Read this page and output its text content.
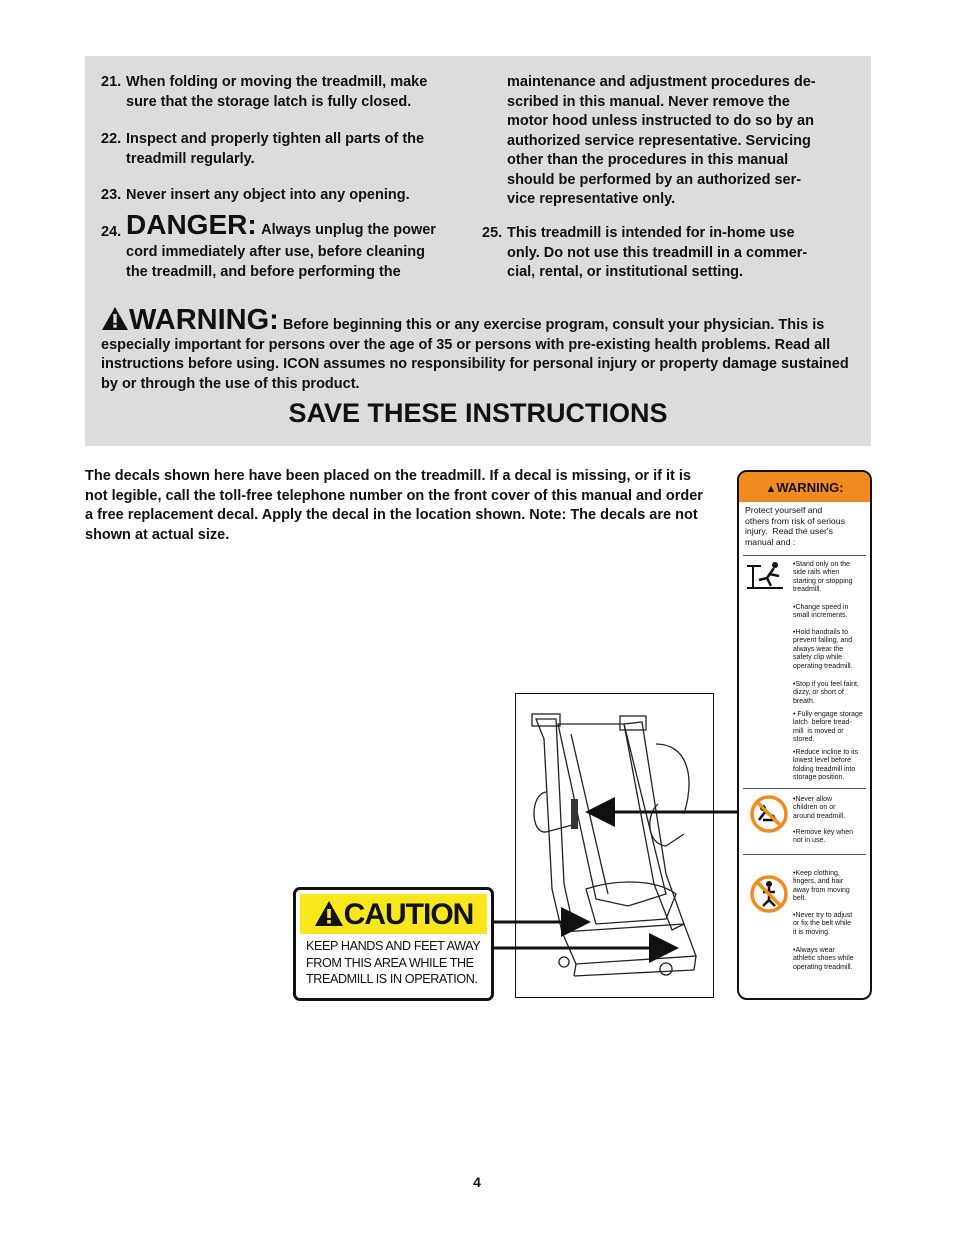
21. When folding or moving the treadmill, make
sure that the storage latch is fully closed.
22. Inspect and properly tighten all parts of the
treadmill regularly.
23. Never insert any object into any opening.
24. DANGER: Always unplug the power
cord immediately after use, before cleaning
the treadmill, and before performing the
maintenance and adjustment procedures de-
scribed in this manual. Never remove the
motor hood unless instructed to do so by an
authorized service representative. Servicing
other than the procedures in this manual
should be performed by an authorized ser-
vice representative only.
25. This treadmill is intended for in-home use
only. Do not use this treadmill in a commer-
cial, rental, or institutional setting.
WARNING: Before beginning this or any exercise program, consult your physician. This is especially important for persons over the age of 35 or persons with pre-existing health problems. Read all instructions before using. ICON assumes no responsibility for personal injury or property damage sustained by or through the use of this product.
SAVE THESE INSTRUCTIONS
The decals shown here have been placed on the treadmill. If a decal is missing, or if it is not legible, call the toll-free telephone number on the front cover of this manual and order a free replacement decal. Apply the decal in the location shown. Note: The decals are not shown at actual size.
▲WARNING:
Protect yourself and
others from risk of serious
injury.  Read the user's
manual and :
•Stand only on the
side rails when
starting or stopping
treadmill.
•Change speed in
small increments.
•Hold handrails to
prevent falling, and
always wear the
safety clip while
operating treadmill.
•Stop if you feel faint,
dizzy, or short of
breath.
• Fully engage storage
latch  before tread-
mill  is moved or
stored.
•Reduce incline to its
lowest level before
folding treadmill into
storage position.
•Never allow
children on or
around treadmill.
•Remove key when
not in use.
•Keep clothing,
fingers, and hair
away from moving
belt.
•Never try to adjust
or fix the belt while
it is moving.
•Always wear
athletic shoes while
operating treadmill.
CAUTION
KEEP HANDS AND FEET AWAY
FROM THIS AREA WHILE THE
TREADMILL IS IN OPERATION.
4
